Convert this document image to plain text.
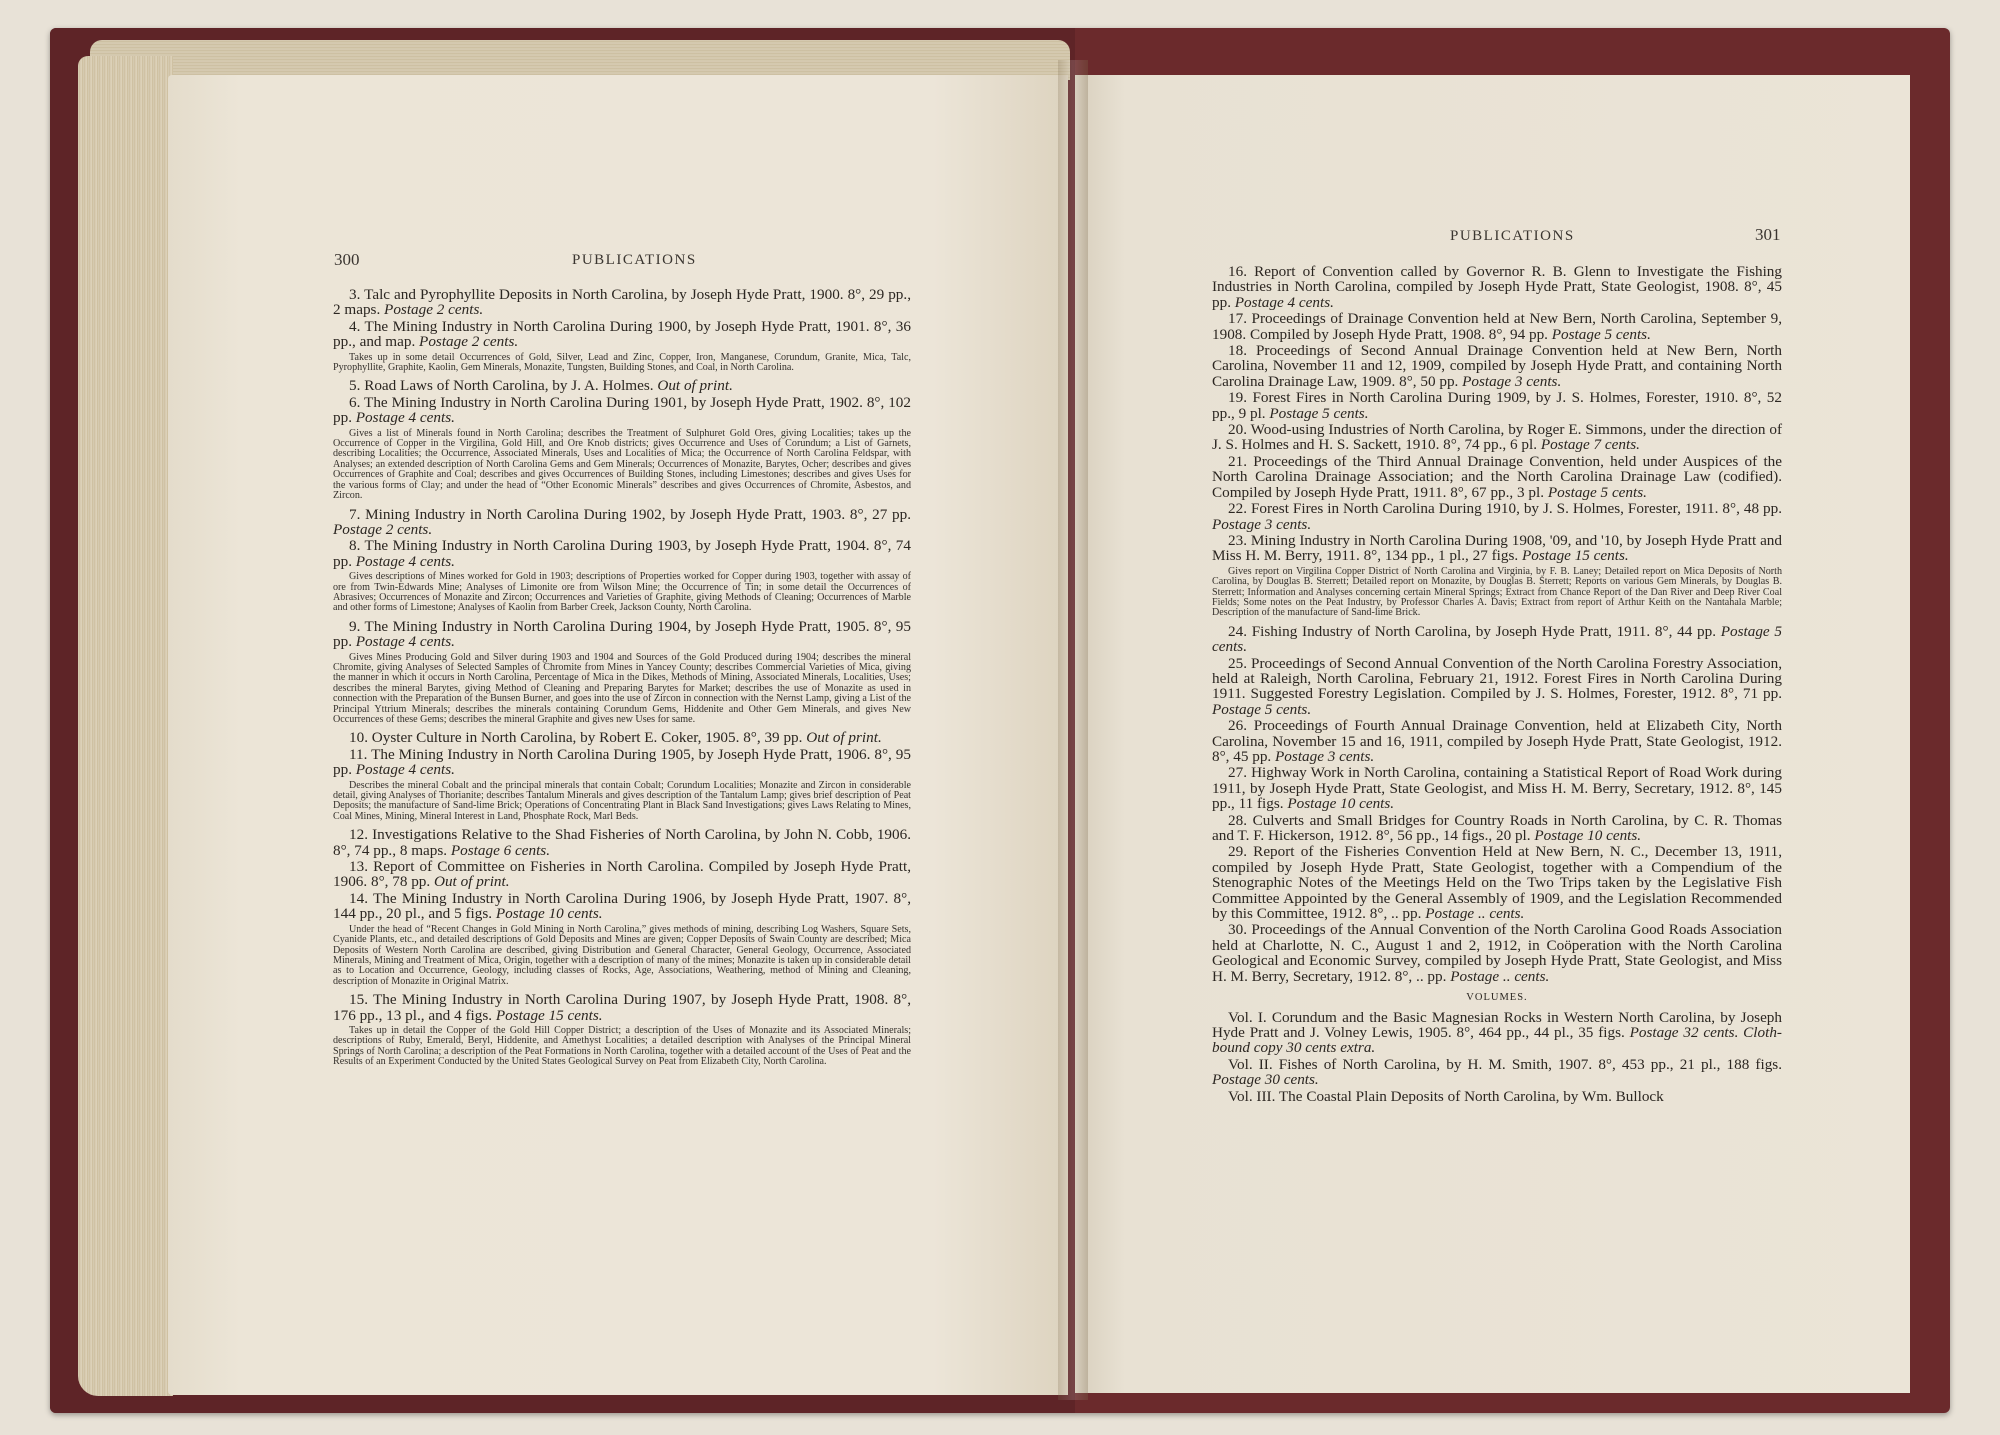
300	PUBLICATIONS
PUBLICATIONS	301

3. Talc and Pyrophyllite Deposits in North Carolina, by Joseph Hyde Pratt, 1900. 8°, 29 pp., 2 maps. Postage 2 cents.

4. The Mining Industry in North Carolina During 1900, by Joseph Hyde Pratt, 1901. 8°, 36 pp., and map. Postage 2 cents.

Takes up in some detail Occurrences of Gold, Silver, Lead and Zinc, Copper, Iron, Manganese, Corundum, Granite, Mica, Talc, Pyrophyllite, Graphite, Kaolin, Gem Minerals, Monazite, Tungsten, Building Stones, and Coal, in North Carolina.

5. Road Laws of North Carolina, by J. A. Holmes. Out of print.

6. The Mining Industry in North Carolina During 1901, by Joseph Hyde Pratt, 1902. 8°, 102 pp. Postage 4 cents.

Gives a list of Minerals found in North Carolina; describes the Treatment of Sulphuret Gold Ores, giving Localities; takes up the Occurrence of Copper in the Virgilina, Gold Hill, and Ore Knob districts; gives Occurrence and Uses of Corundum; a List of Garnets, describing Localities; the Occurrence, Associated Minerals, Uses and Localities of Mica; the Occurrence of North Carolina Feldspar, with Analyses; an extended description of North Carolina Gems and Gem Minerals; Occurrences of Monazite, Barytes, Ocher; describes and gives Occurrences of Graphite and Coal; describes and gives Occurrences of Building Stones, including Limestones; describes and gives Uses for the various forms of Clay; and under the head of “Other Economic Minerals” describes and gives Occurrences of Chromite, Asbestos, and Zircon.

7. Mining Industry in North Carolina During 1902, by Joseph Hyde Pratt, 1903. 8°, 27 pp. Postage 2 cents.

8. The Mining Industry in North Carolina During 1903, by Joseph Hyde Pratt, 1904. 8°, 74 pp. Postage 4 cents.

Gives descriptions of Mines worked for Gold in 1903; descriptions of Properties worked for Copper during 1903, together with assay of ore from Twin-Edwards Mine; Analyses of Limonite ore from Wilson Mine; the Occurrence of Tin; in some detail the Occurrences of Abrasives; Occurrences of Monazite and Zircon; Occurrences and Varieties of Graphite, giving Methods of Cleaning; Occurrences of Marble and other forms of Limestone; Analyses of Kaolin from Barber Creek, Jackson County, North Carolina.

9. The Mining Industry in North Carolina During 1904, by Joseph Hyde Pratt, 1905. 8°, 95 pp. Postage 4 cents.

Gives Mines Producing Gold and Silver during 1903 and 1904 and Sources of the Gold Produced during 1904; describes the mineral Chromite, giving Analyses of Selected Samples of Chromite from Mines in Yancey County; describes Commercial Varieties of Mica, giving the manner in which it occurs in North Carolina, Percentage of Mica in the Dikes, Methods of Mining, Associated Minerals, Localities, Uses; describes the mineral Barytes, giving Method of Cleaning and Preparing Barytes for Market; describes the use of Monazite as used in connection with the Preparation of the Bunsen Burner, and goes into the use of Zircon in connection with the Nernst Lamp, giving a List of the Principal Yttrium Minerals; describes the minerals containing Corundum Gems, Hiddenite and Other Gem Minerals, and gives New Occurrences of these Gems; describes the mineral Graphite and gives new Uses for same.

10. Oyster Culture in North Carolina, by Robert E. Coker, 1905. 8°, 39 pp. Out of print.

11. The Mining Industry in North Carolina During 1905, by Joseph Hyde Pratt, 1906. 8°, 95 pp. Postage 4 cents.

Describes the mineral Cobalt and the principal minerals that contain Cobalt; Corundum Localities; Monazite and Zircon in considerable detail, giving Analyses of Thorianite; describes Tantalum Minerals and gives description of the Tantalum Lamp; gives brief description of Peat Deposits; the manufacture of Sand-lime Brick; Operations of Concentrating Plant in Black Sand Investigations; gives Laws Relating to Mines, Coal Mines, Mining, Mineral Interest in Land, Phosphate Rock, Marl Beds.

12. Investigations Relative to the Shad Fisheries of North Carolina, by John N. Cobb, 1906. 8°, 74 pp., 8 maps. Postage 6 cents.

13. Report of Committee on Fisheries in North Carolina. Compiled by Joseph Hyde Pratt, 1906. 8°, 78 pp. Out of print.

14. The Mining Industry in North Carolina During 1906, by Joseph Hyde Pratt, 1907. 8°, 144 pp., 20 pl., and 5 figs. Postage 10 cents.

Under the head of “Recent Changes in Gold Mining in North Carolina,” gives methods of mining, describing Log Washers, Square Sets, Cyanide Plants, etc., and detailed descriptions of Gold Deposits and Mines are given; Copper Deposits of Swain County are described; Mica Deposits of Western North Carolina are described, giving Distribution and General Character, General Geology, Occurrence, Associated Minerals, Mining and Treatment of Mica, Origin, together with a description of many of the mines; Monazite is taken up in considerable detail as to Location and Occurrence, Geology, including classes of Rocks, Age, Associations, Weathering, method of Mining and Cleaning, description of Monazite in Original Matrix.

15. The Mining Industry in North Carolina During 1907, by Joseph Hyde Pratt, 1908. 8°, 176 pp., 13 pl., and 4 figs. Postage 15 cents.

Takes up in detail the Copper of the Gold Hill Copper District; a description of the Uses of Monazite and its Associated Minerals; descriptions of Ruby, Emerald, Beryl, Hiddenite, and Amethyst Localities; a detailed description with Analyses of the Principal Mineral Springs of North Carolina; a description of the Peat Formations in North Carolina, together with a detailed account of the Uses of Peat and the Results of an Experiment Conducted by the United States Geological Survey on Peat from Elizabeth City, North Carolina.

16. Report of Convention called by Governor R. B. Glenn to Investigate the Fishing Industries in North Carolina, compiled by Joseph Hyde Pratt, State Geologist, 1908. 8°, 45 pp. Postage 4 cents.

17. Proceedings of Drainage Convention held at New Bern, North Carolina, September 9, 1908. Compiled by Joseph Hyde Pratt, 1908. 8°, 94 pp. Postage 5 cents.

18. Proceedings of Second Annual Drainage Convention held at New Bern, North Carolina, November 11 and 12, 1909, compiled by Joseph Hyde Pratt, and containing North Carolina Drainage Law, 1909. 8°, 50 pp. Postage 3 cents.

19. Forest Fires in North Carolina During 1909, by J. S. Holmes, Forester, 1910. 8°, 52 pp., 9 pl. Postage 5 cents.

20. Wood-using Industries of North Carolina, by Roger E. Simmons, under the direction of J. S. Holmes and H. S. Sackett, 1910. 8°, 74 pp., 6 pl. Postage 7 cents.

21. Proceedings of the Third Annual Drainage Convention, held under Auspices of the North Carolina Drainage Association; and the North Carolina Drainage Law (codified). Compiled by Joseph Hyde Pratt, 1911. 8°, 67 pp., 3 pl. Postage 5 cents.

22. Forest Fires in North Carolina During 1910, by J. S. Holmes, Forester, 1911. 8°, 48 pp. Postage 3 cents.

23. Mining Industry in North Carolina During 1908, '09, and '10, by Joseph Hyde Pratt and Miss H. M. Berry, 1911. 8°, 134 pp., 1 pl., 27 figs. Postage 15 cents.

Gives report on Virgilina Copper District of North Carolina and Virginia, by F. B. Laney; Detailed report on Mica Deposits of North Carolina, by Douglas B. Sterrett; Detailed report on Monazite, by Douglas B. Sterrett; Reports on various Gem Minerals, by Douglas B. Sterrett; Information and Analyses concerning certain Mineral Springs; Extract from Chance Report of the Dan River and Deep River Coal Fields; Some notes on the Peat Industry, by Professor Charles A. Davis; Extract from report of Arthur Keith on the Nantahala Marble; Description of the manufacture of Sand-lime Brick.

24. Fishing Industry of North Carolina, by Joseph Hyde Pratt, 1911. 8°, 44 pp. Postage 5 cents.

25. Proceedings of Second Annual Convention of the North Carolina Forestry Association, held at Raleigh, North Carolina, February 21, 1912. Forest Fires in North Carolina During 1911. Suggested Forestry Legislation. Compiled by J. S. Holmes, Forester, 1912. 8°, 71 pp. Postage 5 cents.

26. Proceedings of Fourth Annual Drainage Convention, held at Elizabeth City, North Carolina, November 15 and 16, 1911, compiled by Joseph Hyde Pratt, State Geologist, 1912. 8°, 45 pp. Postage 3 cents.

27. Highway Work in North Carolina, containing a Statistical Report of Road Work during 1911, by Joseph Hyde Pratt, State Geologist, and Miss H. M. Berry, Secretary, 1912. 8°, 145 pp., 11 figs. Postage 10 cents.

28. Culverts and Small Bridges for Country Roads in North Carolina, by C. R. Thomas and T. F. Hickerson, 1912. 8°, 56 pp., 14 figs., 20 pl. Postage 10 cents.

29. Report of the Fisheries Convention Held at New Bern, N. C., December 13, 1911, compiled by Joseph Hyde Pratt, State Geologist, together with a Compendium of the Stenographic Notes of the Meetings Held on the Two Trips taken by the Legislative Fish Committee Appointed by the General Assembly of 1909, and the Legislation Recommended by this Committee, 1912. 8°, .. pp. Postage .. cents.

30. Proceedings of the Annual Convention of the North Carolina Good Roads Association held at Charlotte, N. C., August 1 and 2, 1912, in Coöperation with the North Carolina Geological and Economic Survey, compiled by Joseph Hyde Pratt, State Geologist, and Miss H. M. Berry, Secretary, 1912. 8°, .. pp. Postage .. cents.

VOLUMES.

Vol. I. Corundum and the Basic Magnesian Rocks in Western North Carolina, by Joseph Hyde Pratt and J. Volney Lewis, 1905. 8°, 464 pp., 44 pl., 35 figs. Postage 32 cents. Cloth-bound copy 30 cents extra.

Vol. II. Fishes of North Carolina, by H. M. Smith, 1907. 8°, 453 pp., 21 pl., 188 figs. Postage 30 cents.

Vol. III. The Coastal Plain Deposits of North Carolina, by Wm. Bullock
